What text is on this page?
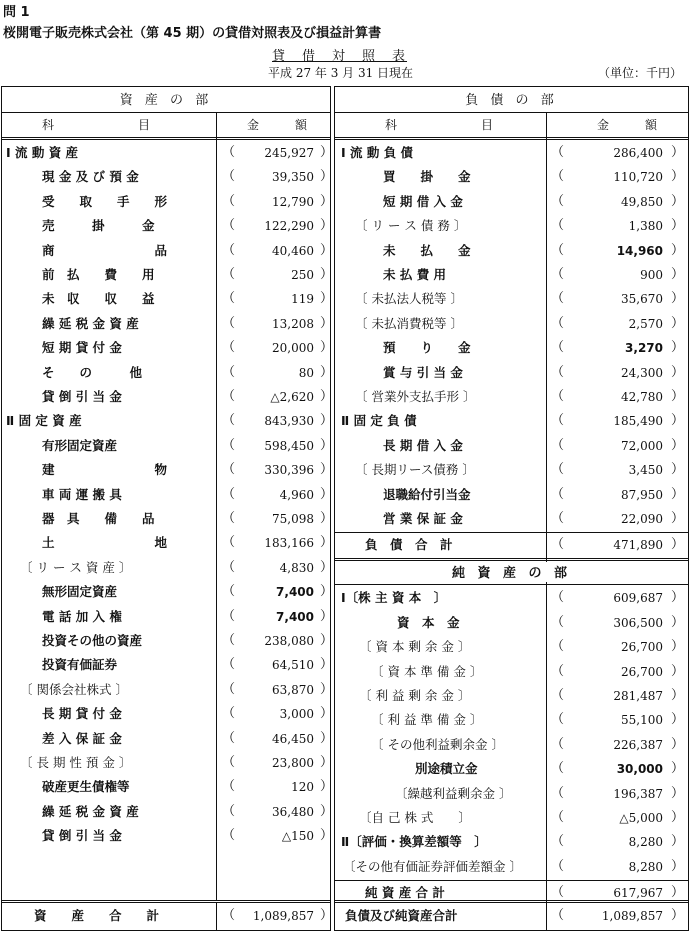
問 1
桜開電子販売株式会社（第 45 期）の貸借対照表及び損益計算書
貸　借　対　照　表
平成 27 年 3 月 31 日現在	（単位：千円）
資 産 の 部
科　　　　　　　目	金　　　額
Ⅰ 流 動 資 産	（	245,927 ）
現 金 及 び 預 金	（	39,350 ）
受　　取　　手　　形	（	12,790 ）
売　　　掛　　　金	（	122,290 ）
商　　　　　　　　品	（	40,460 ）
前　払　　費　　用	（	250 ）
未　収　　収　　益	（	119 ）
繰 延 税 金 資 産	（	13,208 ）
短 期 貸 付 金	（	20,000 ）
そ　　の　　　他	（	80 ）
貸 倒 引 当 金	（	△2,620 ）
Ⅱ 固 定 資 産	（	843,930 ）
有形固定資産	（	598,450 ）
建　　　　　　　　物	（	330,396 ）
車 両 運 搬 具	（	4,960 ）
器　具　　備　　品	（	75,098 ）
土　　　　　　　　地	（	183,166 ）
〔 リ ー ス 資 産 〕	（	4,830 ）
無形固定資産	（	7,400 ）
電 話 加 入 権	（	7,400 ）
投資その他の資産	（	238,080 ）
投資有価証券	（	64,510 ）
〔 関係会社株式 〕	（	63,870 ）
長 期 貸 付 金	（	3,000 ）
差 入 保 証 金	（	46,450 ）
〔 長 期 性 預 金 〕	（	23,800 ）
破産更生債権等	（	120 ）
繰 延 税 金 資 産	（	36,480 ）
貸 倒 引 当 金	（	△150 ）
資　　産　　合　　計	（	1,089,857 ）
負 債 の 部
科　　　　　　　目	金　　　額
Ⅰ 流 動 負 債	（	286,400 ）
買　　掛　　金	（	110,720 ）
短 期 借 入 金	（	49,850 ）
〔 リ ー ス 債 務 〕	（	1,380 ）
未　　払　　金	（	14,960 ）
未 払 費 用	（	900 ）
〔 未払法人税等 〕	（	35,670 ）
〔 未払消費税等 〕	（	2,570 ）
預　　り　　金	（	3,270 ）
賞 与 引 当 金	（	24,300 ）
〔 営業外支払手形 〕	（	42,780 ）
Ⅱ 固 定 負 債	（	185,490 ）
長 期 借 入 金	（	72,000 ）
〔 長期リース債務 〕	（	3,450 ）
退職給付引当金	（	87,950 ）
営 業 保 証 金	（	22,090 ）
負　債　合　計	（	471,890 ）
純 資 産 の 部
Ⅰ〔株 主 資 本　〕	（	609,687 ）
資　本　金	（	306,500 ）
〔 資 本 剰 余 金 〕	（	26,700 ）
〔 資 本 準 備 金 〕	（	26,700 ）
〔 利 益 剰 余 金 〕	（	281,487 ）
〔 利 益 準 備 金 〕	（	55,100 ）
〔 その他利益剰余金 〕	（	226,387 ）
別途積立金	（	30,000 ）
〔繰越利益剰余金 〕	（	196,387 ）
〔自 己 株 式　　〕	（	△5,000 ）
Ⅱ〔評価・換算差額等　〕	（	8,280 ）
〔その他有価証券評価差額金 〕 （	8,280 ）
純 資 産 合 計	（	617,967 ）
負債及び純資産合計	（	1,089,857 ）
